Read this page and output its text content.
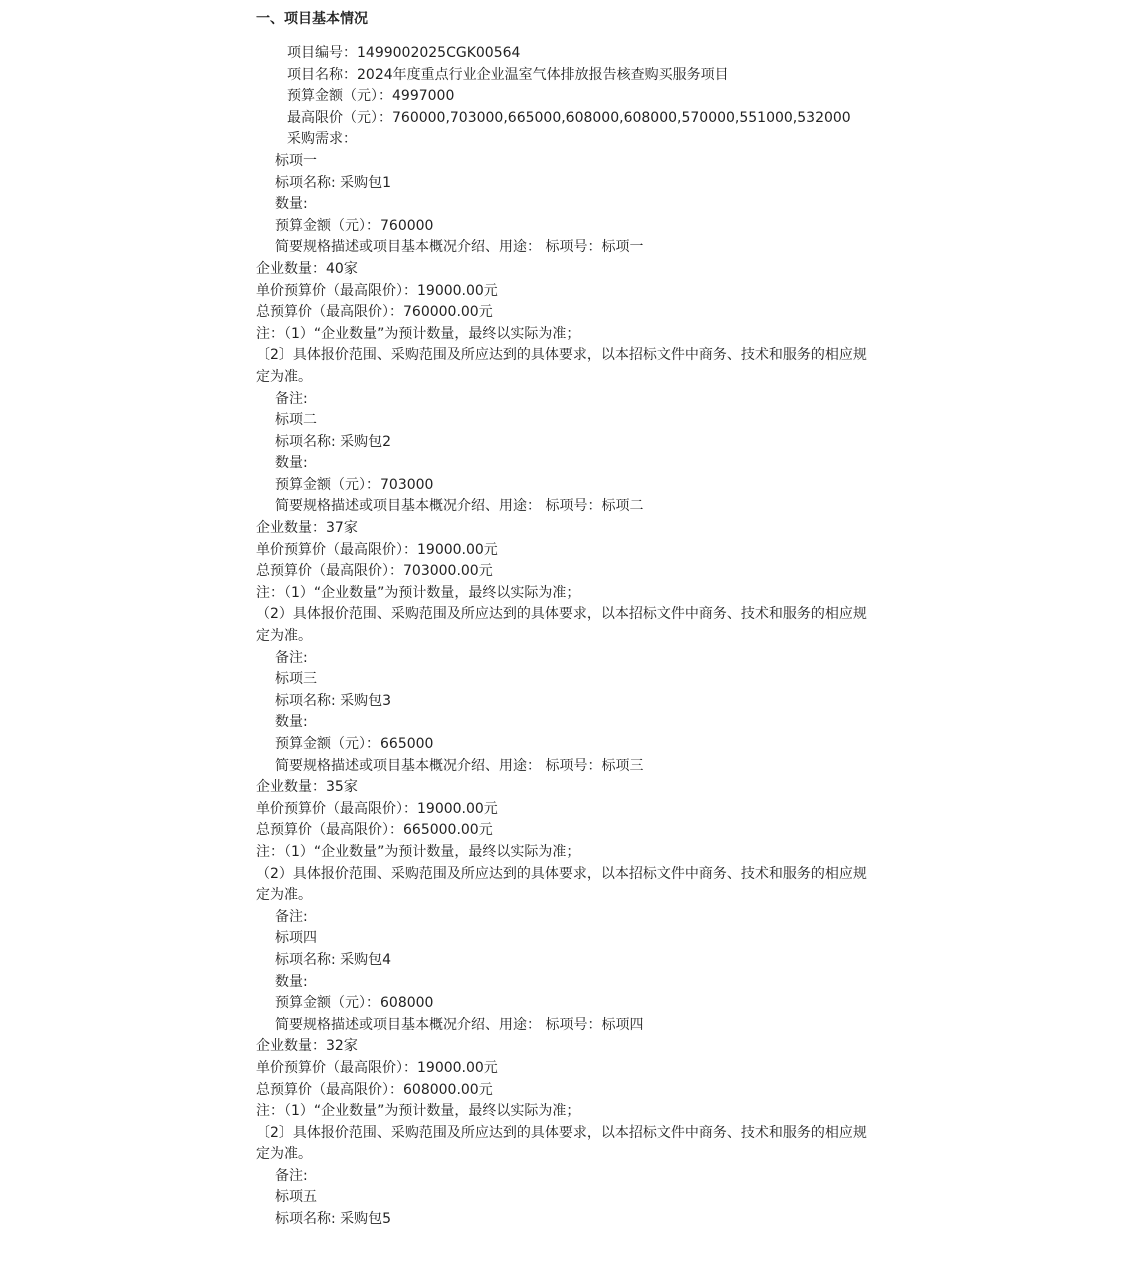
一、项目基本情况
项目编号：1499002025CGK00564
项目名称：2024年度重点行业企业温室气体排放报告核查购买服务项目
预算金额（元）：4997000
最高限价（元）：760000,703000,665000,608000,608000,570000,551000,532000
采购需求：
标项一
标项名称: 采购包1
数量:
预算金额（元）：760000
简要规格描述或项目基本概况介绍、用途： 标项号：标项一
企业数量：40家
单价预算价（最高限价）：19000.00元
总预算价（最高限价）：760000.00元
注：（1）“企业数量”为预计数量，最终以实际为准；
〔2〕具体报价范围、采购范围及所应达到的具体要求，以本招标文件中商务、技术和服务的相应规定为准。
备注:
标项二
标项名称: 采购包2
数量:
预算金额（元）：703000
简要规格描述或项目基本概况介绍、用途： 标项号：标项二
企业数量：37家
单价预算价（最高限价）：19000.00元
总预算价（最高限价）：703000.00元
注：（1）“企业数量”为预计数量，最终以实际为准；
（2）具体报价范围、采购范围及所应达到的具体要求，以本招标文件中商务、技术和服务的相应规定为准。
备注:
标项三
标项名称: 采购包3
数量:
预算金额（元）：665000
简要规格描述或项目基本概况介绍、用途： 标项号：标项三
企业数量：35家
单价预算价（最高限价）：19000.00元
总预算价（最高限价）：665000.00元
注：（1）“企业数量”为预计数量，最终以实际为准；
（2）具体报价范围、采购范围及所应达到的具体要求，以本招标文件中商务、技术和服务的相应规定为准。
备注:
标项四
标项名称: 采购包4
数量:
预算金额（元）：608000
简要规格描述或项目基本概况介绍、用途： 标项号：标项四
企业数量：32家
单价预算价（最高限价）：19000.00元
总预算价（最高限价）：608000.00元
注：（1）“企业数量”为预计数量，最终以实际为准；
〔2〕具体报价范围、采购范围及所应达到的具体要求，以本招标文件中商务、技术和服务的相应规定为准。
备注:
标项五
标项名称: 采购包5
